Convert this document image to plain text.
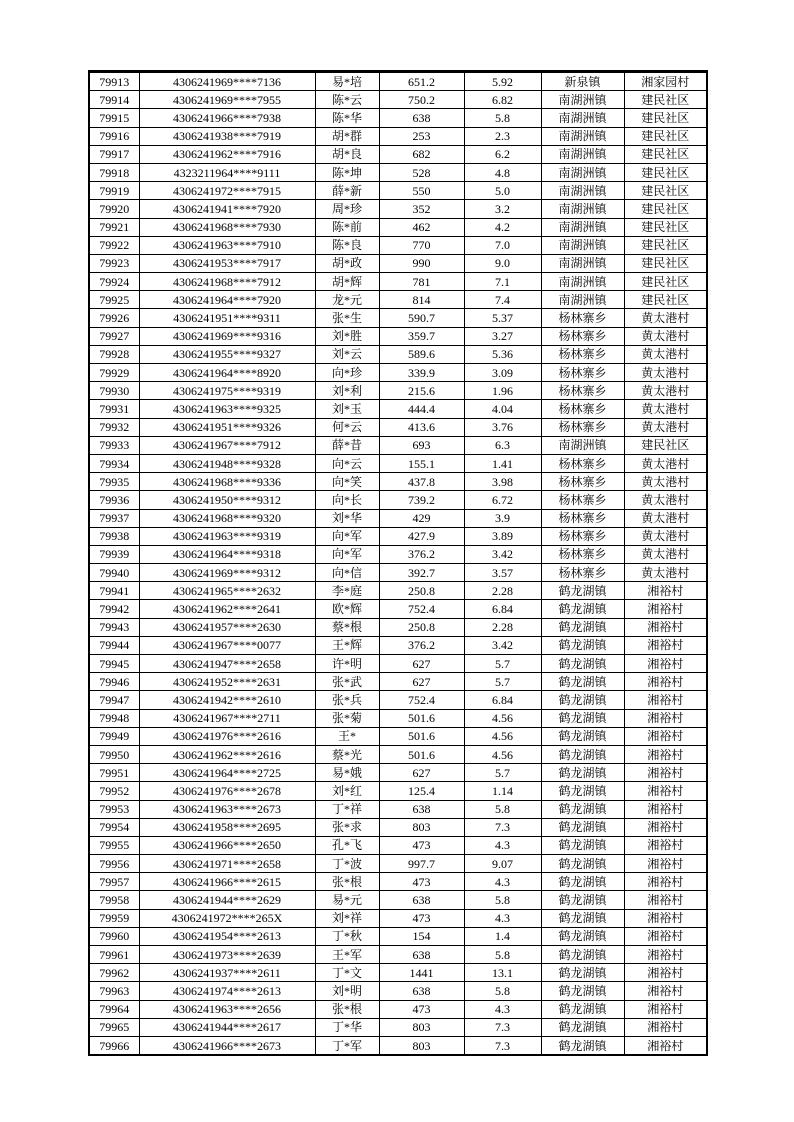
79913	4306241969****7136	易*培	651.2	5.92	新泉镇	湘家园村
79914	4306241969****7955	陈*云	750.2	6.82	南湖洲镇	建民社区
79915	4306241966****7938	陈*华	638	5.8	南湖洲镇	建民社区
79916	4306241938****7919	胡*群	253	2.3	南湖洲镇	建民社区
79917	4306241962****7916	胡*良	682	6.2	南湖洲镇	建民社区
79918	4323211964****9111	陈*坤	528	4.8	南湖洲镇	建民社区
79919	4306241972****7915	薛*新	550	5.0	南湖洲镇	建民社区
79920	4306241941****7920	周*珍	352	3.2	南湖洲镇	建民社区
79921	4306241968****7930	陈*前	462	4.2	南湖洲镇	建民社区
79922	4306241963****7910	陈*良	770	7.0	南湖洲镇	建民社区
79923	4306241953****7917	胡*政	990	9.0	南湖洲镇	建民社区
79924	4306241968****7912	胡*辉	781	7.1	南湖洲镇	建民社区
79925	4306241964****7920	龙*元	814	7.4	南湖洲镇	建民社区
79926	4306241951****9311	张*生	590.7	5.37	杨林寨乡	黄太港村
79927	4306241969****9316	刘*胜	359.7	3.27	杨林寨乡	黄太港村
79928	4306241955****9327	刘*云	589.6	5.36	杨林寨乡	黄太港村
79929	4306241964****8920	向*珍	339.9	3.09	杨林寨乡	黄太港村
79930	4306241975****9319	刘*利	215.6	1.96	杨林寨乡	黄太港村
79931	4306241963****9325	刘*玉	444.4	4.04	杨林寨乡	黄太港村
79932	4306241951****9326	何*云	413.6	3.76	杨林寨乡	黄太港村
79933	4306241967****7912	薛*昔	693	6.3	南湖洲镇	建民社区
79934	4306241948****9328	向*云	155.1	1.41	杨林寨乡	黄太港村
79935	4306241968****9336	向*笑	437.8	3.98	杨林寨乡	黄太港村
79936	4306241950****9312	向*长	739.2	6.72	杨林寨乡	黄太港村
79937	4306241968****9320	刘*华	429	3.9	杨林寨乡	黄太港村
79938	4306241963****9319	向*军	427.9	3.89	杨林寨乡	黄太港村
79939	4306241964****9318	向*军	376.2	3.42	杨林寨乡	黄太港村
79940	4306241969****9312	向*信	392.7	3.57	杨林寨乡	黄太港村
79941	4306241965****2632	李*庭	250.8	2.28	鹤龙湖镇	湘裕村
79942	4306241962****2641	欧*辉	752.4	6.84	鹤龙湖镇	湘裕村
79943	4306241957****2630	蔡*根	250.8	2.28	鹤龙湖镇	湘裕村
79944	4306241967****0077	王*辉	376.2	3.42	鹤龙湖镇	湘裕村
79945	4306241947****2658	许*明	627	5.7	鹤龙湖镇	湘裕村
79946	4306241952****2631	张*武	627	5.7	鹤龙湖镇	湘裕村
79947	4306241942****2610	张*兵	752.4	6.84	鹤龙湖镇	湘裕村
79948	4306241967****2711	张*菊	501.6	4.56	鹤龙湖镇	湘裕村
79949	4306241976****2616	王*	501.6	4.56	鹤龙湖镇	湘裕村
79950	4306241962****2616	蔡*光	501.6	4.56	鹤龙湖镇	湘裕村
79951	4306241964****2725	易*娥	627	5.7	鹤龙湖镇	湘裕村
79952	4306241976****2678	刘*红	125.4	1.14	鹤龙湖镇	湘裕村
79953	4306241963****2673	丁*祥	638	5.8	鹤龙湖镇	湘裕村
79954	4306241958****2695	张*求	803	7.3	鹤龙湖镇	湘裕村
79955	4306241966****2650	孔*飞	473	4.3	鹤龙湖镇	湘裕村
79956	4306241971****2658	丁*波	997.7	9.07	鹤龙湖镇	湘裕村
79957	4306241966****2615	张*根	473	4.3	鹤龙湖镇	湘裕村
79958	4306241944****2629	易*元	638	5.8	鹤龙湖镇	湘裕村
79959	4306241972****265X	刘*祥	473	4.3	鹤龙湖镇	湘裕村
79960	4306241954****2613	丁*秋	154	1.4	鹤龙湖镇	湘裕村
79961	4306241973****2639	王*军	638	5.8	鹤龙湖镇	湘裕村
79962	4306241937****2611	丁*文	1441	13.1	鹤龙湖镇	湘裕村
79963	4306241974****2613	刘*明	638	5.8	鹤龙湖镇	湘裕村
79964	4306241963****2656	张*根	473	4.3	鹤龙湖镇	湘裕村
79965	4306241944****2617	丁*华	803	7.3	鹤龙湖镇	湘裕村
79966	4306241966****2673	丁*军	803	7.3	鹤龙湖镇	湘裕村
